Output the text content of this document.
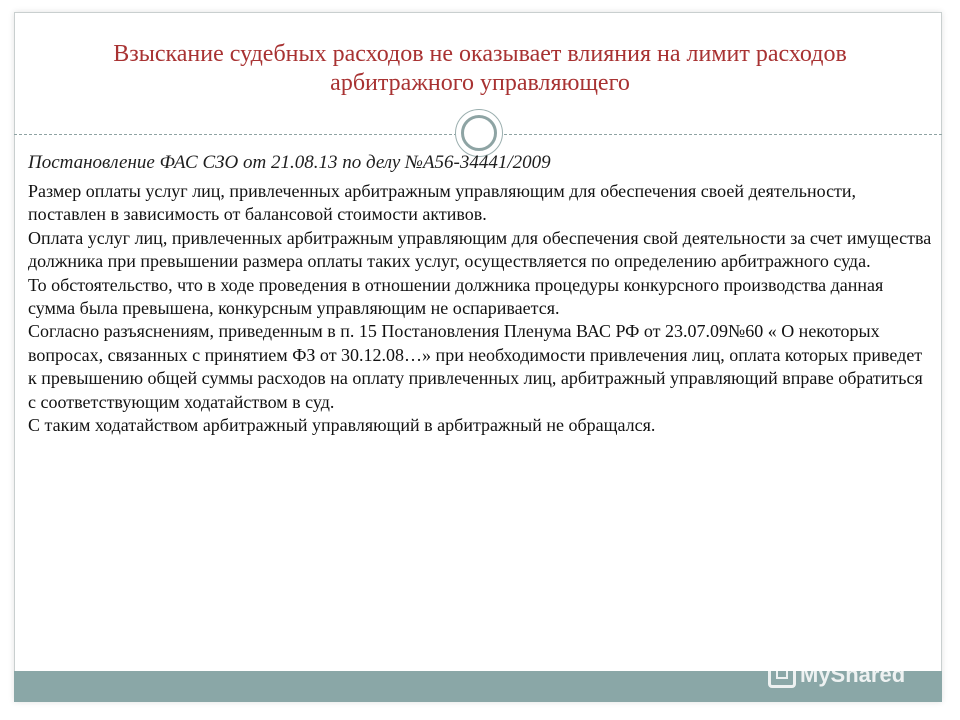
Взыскание судебных расходов не оказывает влияния на лимит расходов арбитражного управляющего
Постановление ФАС СЗО от 21.08.13 по делу №А56-34441/2009

Размер оплаты услуг лиц, привлеченных арбитражным управляющим для обеспечения своей деятельности, поставлен в зависимость от балансовой стоимости активов.

Оплата услуг лиц, привлеченных арбитражным управляющим для обеспечения свой деятельности за счет имущества должника при превышении размера оплаты таких услуг, осуществляется по определению арбитражного суда.

То обстоятельство, что в ходе проведения в отношении должника процедуры конкурсного производства данная сумма была превышена, конкурсным управляющим не оспаривается.

Согласно разъяснениям, приведенным в п. 15 Постановления Пленума ВАС РФ от 23.07.09№60 « О некоторых вопросах, связанных с принятием ФЗ от 30.12.08…» при необходимости привлечения лиц, оплата которых приведет к превышению общей суммы расходов на оплату привлеченных лиц, арбитражный управляющий вправе обратиться с соответствующим ходатайством в суд.

С таким ходатайством арбитражный управляющий в арбитражный не обращался.

MyShared
